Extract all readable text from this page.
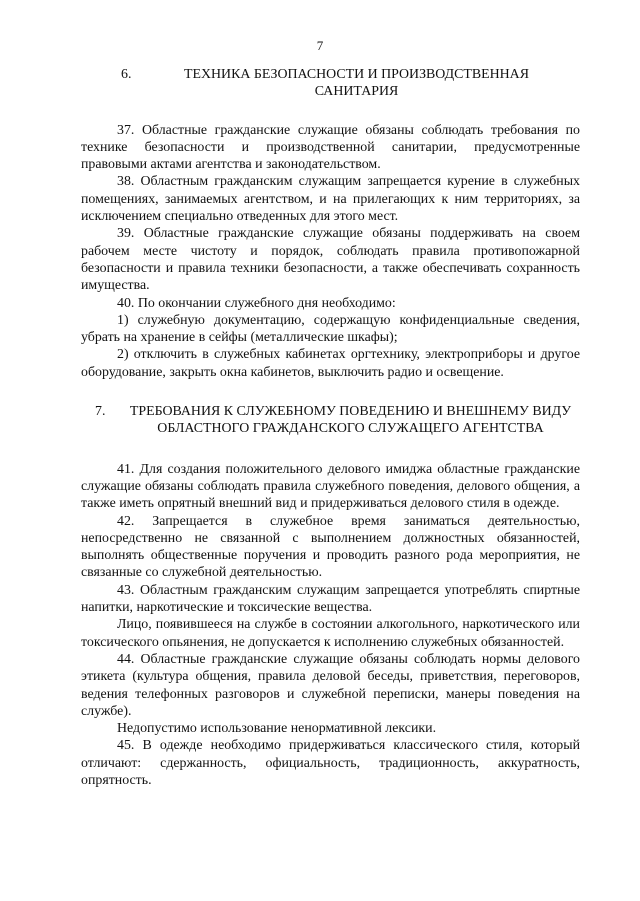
7
6.	ТЕХНИКА БЕЗОПАСНОСТИ И ПРОИЗВОДСТВЕННАЯ САНИТАРИЯ

37. Областные гражданские служащие обязаны соблюдать требования по технике безопасности и производственной санитарии, предусмотренные правовыми актами агентства и законодательством.

38. Областным гражданским служащим запрещается курение в служебных помещениях, занимаемых агентством, и на прилегающих к ним территориях, за исключением специально отведенных для этого мест.

39. Областные гражданские служащие обязаны поддерживать на своем рабочем месте чистоту и порядок, соблюдать правила противопожарной безопасности и правила техники безопасности, а также обеспечивать сохранность имущества.

40. По окончании служебного дня необходимо:

1) служебную документацию, содержащую конфиденциальные сведения, убрать на хранение в сейфы (металлические шкафы);

2) отключить в служебных кабинетах оргтехнику, электроприборы и другое оборудование, закрыть окна кабинетов, выключить радио и освещение.

7.	ТРЕБОВАНИЯ К СЛУЖЕБНОМУ ПОВЕДЕНИЮ И ВНЕШНЕМУ ВИДУ ОБЛАСТНОГО ГРАЖДАНСКОГО СЛУЖАЩЕГО АГЕНТСТВА

41. Для создания положительного делового имиджа областные гражданские служащие обязаны соблюдать правила служебного поведения, делового общения, а также иметь опрятный внешний вид и придерживаться делового стиля в одежде.

42. Запрещается в служебное время заниматься деятельностью, непосредственно не связанной с выполнением должностных обязанностей, выполнять общественные поручения и проводить разного рода мероприятия, не связанные со служебной деятельностью.

43. Областным гражданским служащим запрещается употреблять спиртные напитки, наркотические и токсические вещества.

Лицо, появившееся на службе в состоянии алкогольного, наркотического или токсического опьянения, не допускается к исполнению служебных обязанностей.

44. Областные гражданские служащие обязаны соблюдать нормы делового этикета (культура общения, правила деловой беседы, приветствия, переговоров, ведения телефонных разговоров и служебной переписки, манеры поведения на службе).

Недопустимо использование ненормативной лексики.

45. В одежде необходимо придерживаться классического стиля, который отличают: сдержанность, официальность, традиционность, аккуратность, опрятность.
